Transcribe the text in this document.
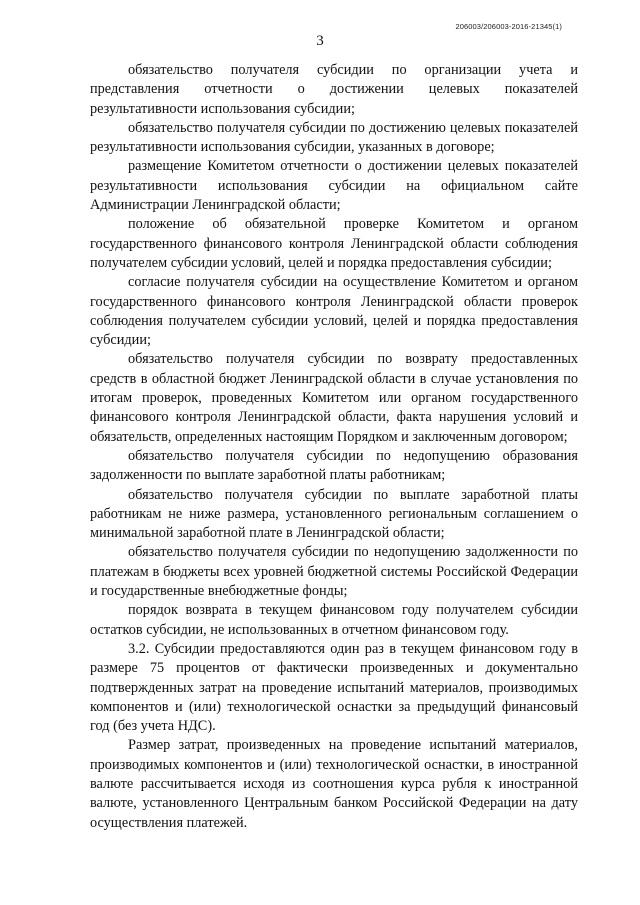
206003/206003-2016-21345(1)
3

обязательство получателя субсидии по организации учета и представления отчетности о достижении целевых показателей результативности использования субсидии;

обязательство получателя субсидии по достижению целевых показателей результативности использования субсидии, указанных в договоре;

размещение Комитетом отчетности о достижении целевых показателей результативности использования субсидии на официальном сайте Администрации Ленинградской области;

положение об обязательной проверке Комитетом и органом государственного финансового контроля Ленинградской области соблюдения получателем субсидии условий, целей и порядка предоставления субсидии;

согласие получателя субсидии на осуществление Комитетом и органом государственного финансового контроля Ленинградской области проверок соблюдения получателем субсидии условий, целей и порядка предоставления субсидии;

обязательство получателя субсидии по возврату предоставленных средств в областной бюджет Ленинградской области в случае установления по итогам проверок, проведенных Комитетом или органом государственного финансового контроля Ленинградской области, факта нарушения условий и обязательств, определенных настоящим Порядком и заключенным договором;

обязательство получателя субсидии по недопущению образования задолженности по выплате заработной платы работникам;

обязательство получателя субсидии по выплате заработной платы работникам не ниже размера, установленного региональным соглашением о минимальной заработной плате в Ленинградской области;

обязательство получателя субсидии по недопущению задолженности по платежам в бюджеты всех уровней бюджетной системы Российской Федерации и государственные внебюджетные фонды;

порядок возврата в текущем финансовом году получателем субсидии остатков субсидии, не использованных в отчетном финансовом году.

3.2. Субсидии предоставляются один раз в текущем финансовом году в размере 75 процентов от фактически произведенных и документально подтвержденных затрат на проведение испытаний материалов, производимых компонентов и (или) технологической оснастки за предыдущий финансовый год (без учета НДС).

Размер затрат, произведенных на проведение испытаний материалов, производимых компонентов и (или) технологической оснастки, в иностранной валюте рассчитывается исходя из соотношения курса рубля к иностранной валюте, установленного Центральным банком Российской Федерации на дату осуществления платежей.
